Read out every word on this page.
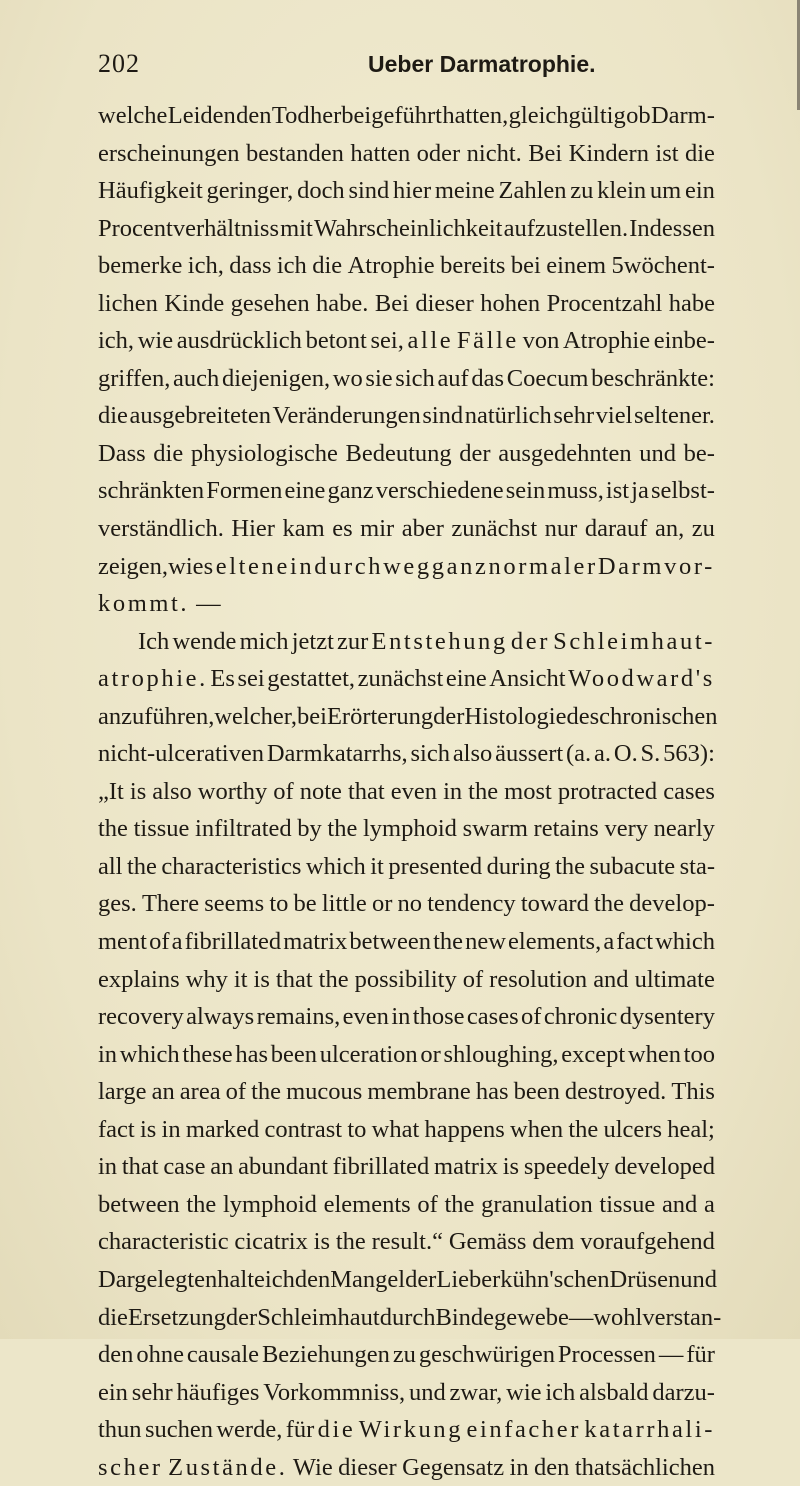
202	Ueber Darmatrophie.
welche Leiden den Tod herbeigeführt hatten, gleichgültig ob Darm-
erscheinungen bestanden hatten oder nicht. Bei Kindern ist die
Häufigkeit geringer, doch sind hier meine Zahlen zu klein um ein
Procentverhältniss mit Wahrscheinlichkeit aufzustellen. Indessen
bemerke ich, dass ich die Atrophie bereits bei einem 5wöchent-
lichen Kinde gesehen habe. Bei dieser hohen Procentzahl habe
ich, wie ausdrücklich betont sei, alle Fälle von Atrophie einbe-
griffen, auch diejenigen, wo sie sich auf das Coecum beschränkte:
die ausgebreiteten Veränderungen sind natürlich sehr viel seltener.
Dass die physiologische Bedeutung der ausgedehnten und be-
schränkten Formen eine ganz verschiedene sein muss, ist ja selbst-
verständlich. Hier kam es mir aber zunächst nur darauf an, zu
zeigen, wie selten ein durchweg ganz normaler Darm vor-
kommt. —
Ich wende mich jetzt zur Entstehung der Schleimhaut-
atrophie. Es sei gestattet, zunächst eine Ansicht Woodward's
anzuführen, welcher, bei Erörterung der Histologie des chronischen
nicht-ulcerativen Darmkatarrhs, sich also äussert (a. a. O. S. 563):
„It is also worthy of note that even in the most protracted cases
the tissue infiltrated by the lymphoid swarm retains very nearly
all the characteristics which it presented during the subacute sta-
ges. There seems to be little or no tendency toward the develop-
ment of a fibrillated matrix between the new elements, a fact which
explains why it is that the possibility of resolution and ultimate
recovery always remains, even in those cases of chronic dysentery
in which these has been ulceration or shloughing, except when too
large an area of the mucous membrane has been destroyed. This
fact is in marked contrast to what happens when the ulcers heal;
in that case an abundant fibrillated matrix is speedely developed
between the lymphoid elements of the granulation tissue and a
characteristic cicatrix is the result.“ Gemäss dem voraufgehend
Dargelegten halte ich den Mangel der Lieberkühn'schen Drüsen und
die Ersetzung der Schleimhaut durch Bindegewebe — wohlverstan-
den ohne causale Beziehungen zu geschwürigen Processen — für
ein sehr häufiges Vorkommniss, und zwar, wie ich alsbald darzu-
thun suchen werde, für die Wirkung einfacher katarrhali-
scher Zustände. Wie dieser Gegensatz in den thatsächlichen
